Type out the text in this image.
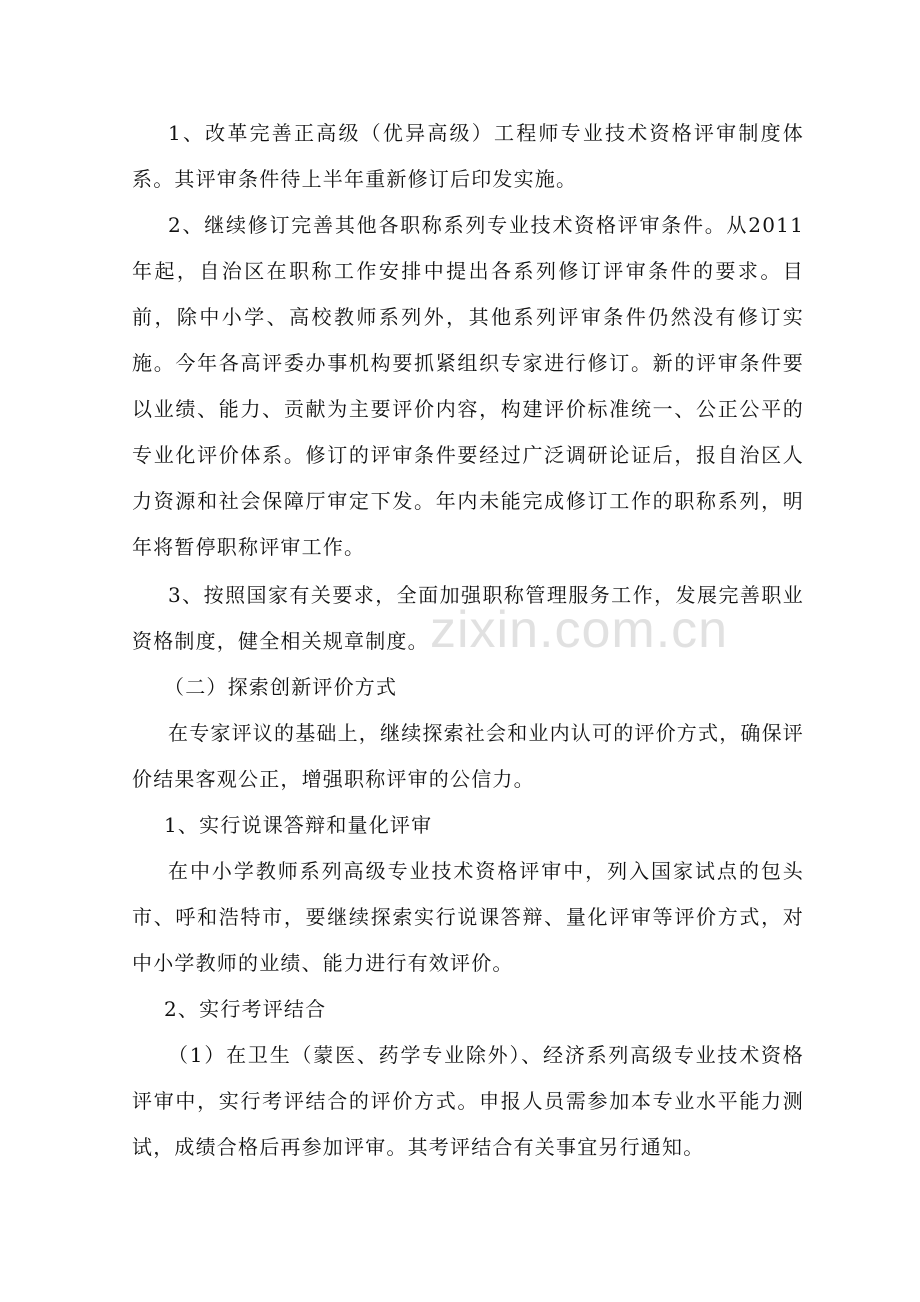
1、改革完善正高级（优异高级）工程师专业技术资格评审制度体系。其评审条件待上半年重新修订后印发实施。

2、继续修订完善其他各职称系列专业技术资格评审条件。从2011年起，自治区在职称工作安排中提出各系列修订评审条件的要求。目前，除中小学、高校教师系列外，其他系列评审条件仍然没有修订实施。今年各高评委办事机构要抓紧组织专家进行修订。新的评审条件要以业绩、能力、贡献为主要评价内容，构建评价标准统一、公正公平的专业化评价体系。修订的评审条件要经过广泛调研论证后，报自治区人力资源和社会保障厅审定下发。年内未能完成修订工作的职称系列，明年将暂停职称评审工作。

3、按照国家有关要求，全面加强职称管理服务工作，发展完善职业资格制度，健全相关规章制度。

（二）探索创新评价方式

在专家评议的基础上，继续探索社会和业内认可的评价方式，确保评价结果客观公正，增强职称评审的公信力。

1、实行说课答辩和量化评审

在中小学教师系列高级专业技术资格评审中，列入国家试点的包头市、呼和浩特市，要继续探索实行说课答辩、量化评审等评价方式，对中小学教师的业绩、能力进行有效评价。

2、实行考评结合

（1）在卫生（蒙医、药学专业除外）、经济系列高级专业技术资格评审中，实行考评结合的评价方式。申报人员需参加本专业水平能力测试，成绩合格后再参加评审。其考评结合有关事宜另行通知。

zixin.com.cn
